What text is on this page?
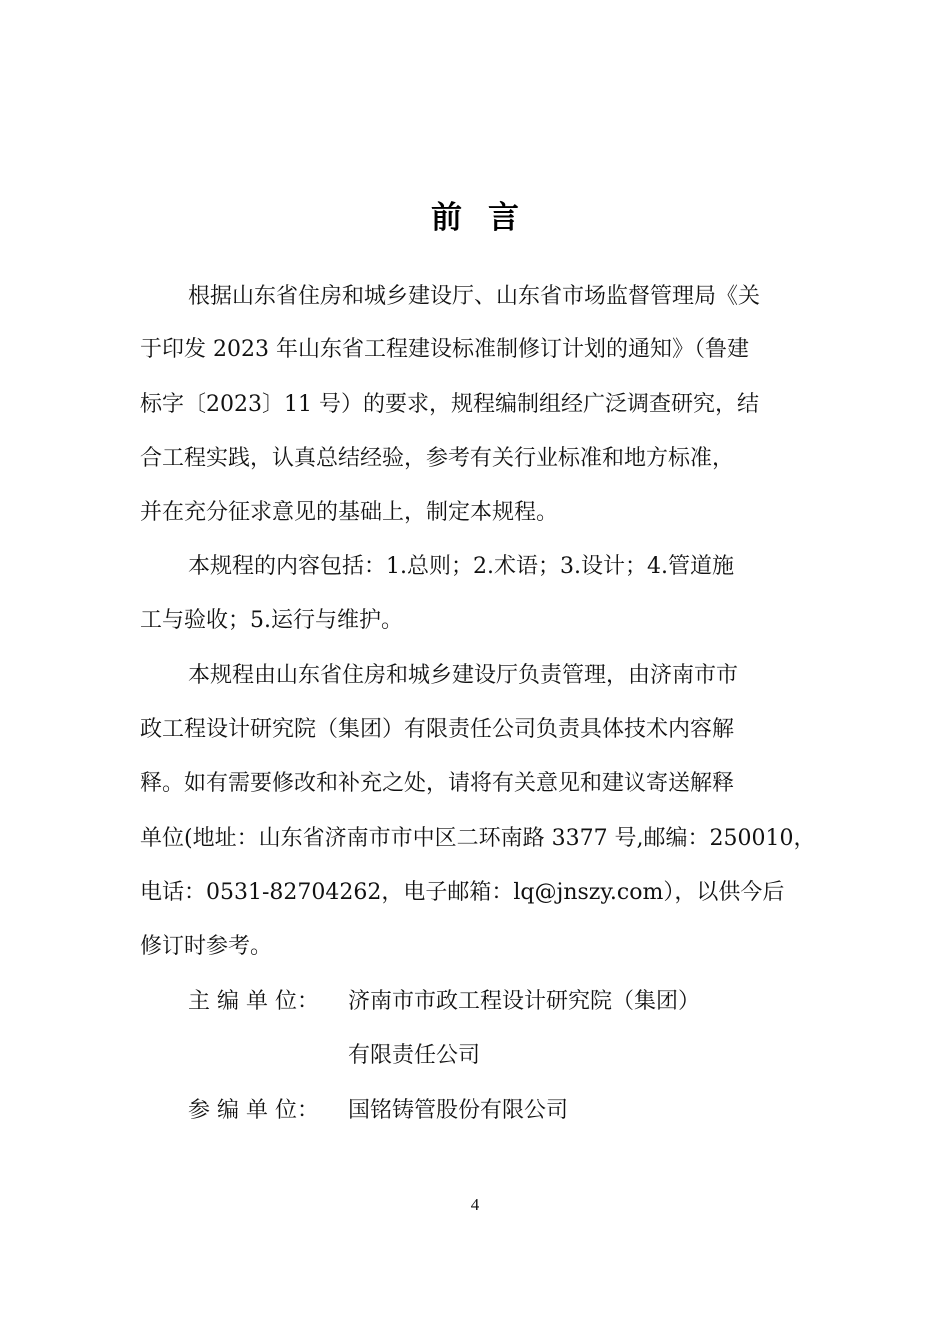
前言
根据山东省住房和城乡建设厅、山东省市场监督管理局《关
于印发 2023 年山东省工程建设标准制修订计划的通知》（鲁建
标字〔2023〕11 号）的要求，规程编制组经广泛调查研究，结
合工程实践，认真总结经验，参考有关行业标准和地方标准，
并在充分征求意见的基础上，制定本规程。
本规程的内容包括：1.总则；2.术语；3.设计；4.管道施
工与验收；5.运行与维护。
本规程由山东省住房和城乡建设厅负责管理，由济南市市
政工程设计研究院（集团）有限责任公司负责具体技术内容解
释。如有需要修改和补充之处，请将有关意见和建议寄送解释
单位(地址：山东省济南市市中区二环南路 3377 号,邮编：250010，
电话：0531-82704262，电子邮箱：lq@jnszy.com），以供今后
修订时参考。
主 编 单 位： 济南市市政工程设计研究院（集团）
有限责任公司
参 编 单 位： 国铭铸管股份有限公司
4
